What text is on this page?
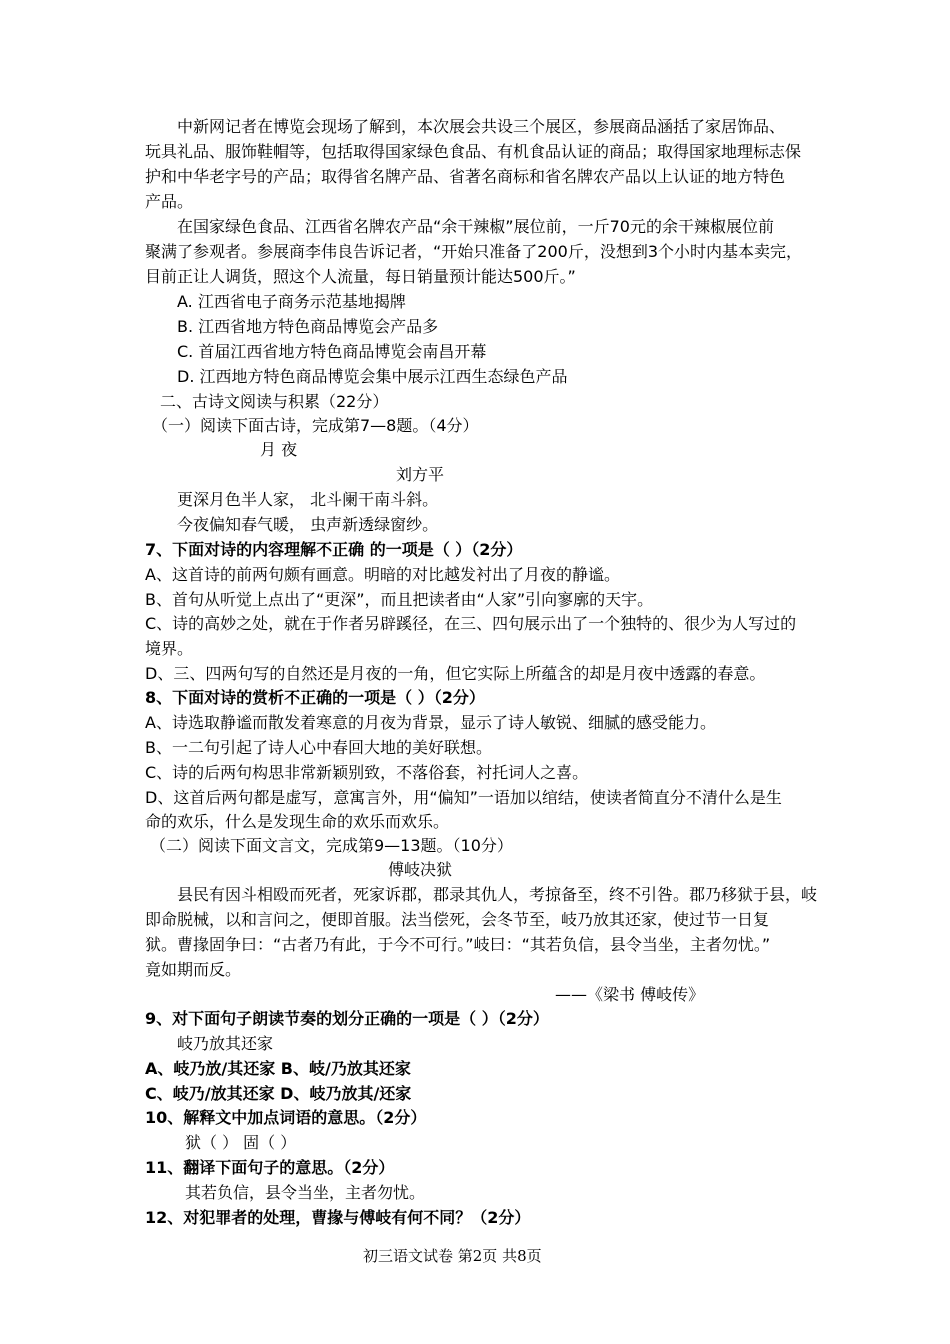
中新网记者在博览会现场了解到，本次展会共设三个展区，参展商品涵括了家居饰品、
玩具礼品、服饰鞋帽等，包括取得国家绿色食品、有机食品认证的商品；取得国家地理标志保
护和中华老字号的产品；取得省名牌产品、省著名商标和省名牌农产品以上认证的地方特色
产品。
在国家绿色食品、江西省名牌农产品“余干辣椒”展位前，一斤70元的余干辣椒展位前
聚满了参观者。参展商李伟良告诉记者，“开始只准备了200斤，没想到3个小时内基本卖完，
目前正让人调货，照这个人流量，每日销量预计能达500斤。”
A. 江西省电子商务示范基地揭牌
B. 江西省地方特色商品博览会产品多
C. 首届江西省地方特色商品博览会南昌开幕
D. 江西地方特色商品博览会集中展示江西生态绿色产品
二、古诗文阅读与积累（22分）
（一）阅读下面古诗，完成第7—8题。（4分）
月 夜
刘方平
更深月色半人家， 北斗阑干南斗斜。
今夜偏知春气暖， 虫声新透绿窗纱。
7、下面对诗的内容理解不正确 的一项是（ ）（2分）
A、这首诗的前两句颇有画意。明暗的对比越发衬出了月夜的静谧。
B、首句从听觉上点出了“更深”，而且把读者由“人家”引向寥廓的天宇。
C、诗的高妙之处，就在于作者另辟蹊径，在三、四句展示出了一个独特的、很少为人写过的
境界。
D、三、四两句写的自然还是月夜的一角，但它实际上所蕴含的却是月夜中透露的春意。
8、下面对诗的赏析不正确的一项是（ ）（2分）
A、诗选取静谧而散发着寒意的月夜为背景，显示了诗人敏锐、细腻的感受能力。
B、一二句引起了诗人心中春回大地的美好联想。
C、诗的后两句构思非常新颖别致，不落俗套，衬托词人之喜。
D、这首后两句都是虚写，意寓言外，用“偏知”一语加以绾结，使读者简直分不清什么是生
命的欢乐，什么是发现生命的欢乐而欢乐。
（二）阅读下面文言文，完成第9—13题。（10分）
傅岐决狱
县民有因斗相殴而死者，死家诉郡，郡录其仇人，考掠备至，终不引咎。郡乃移狱于县，岐
即命脱械，以和言问之，便即首服。法当偿死，会冬节至，岐乃放其还家，使过节一日复
狱。曹掾固争曰：“古者乃有此，于今不可行。”岐曰：“其若负信，县令当坐，主者勿忧。”
竟如期而反。
——《梁书 傅岐传》
9、对下面句子朗读节奏的划分正确的一项是（ ）（2分）
岐乃放其还家
A、岐乃放/其还家 B、岐/乃放其还家
C、岐乃/放其还家 D、岐乃放其/还家
10、解释文中加点词语的意思。（2分）
狱（ ） 固（ ）
11、翻译下面句子的意思。（2分）
其若负信，县令当坐，主者勿忧。
12、对犯罪者的处理，曹掾与傅岐有何不同？（2分）
初三语文试卷 第2页 共8页
